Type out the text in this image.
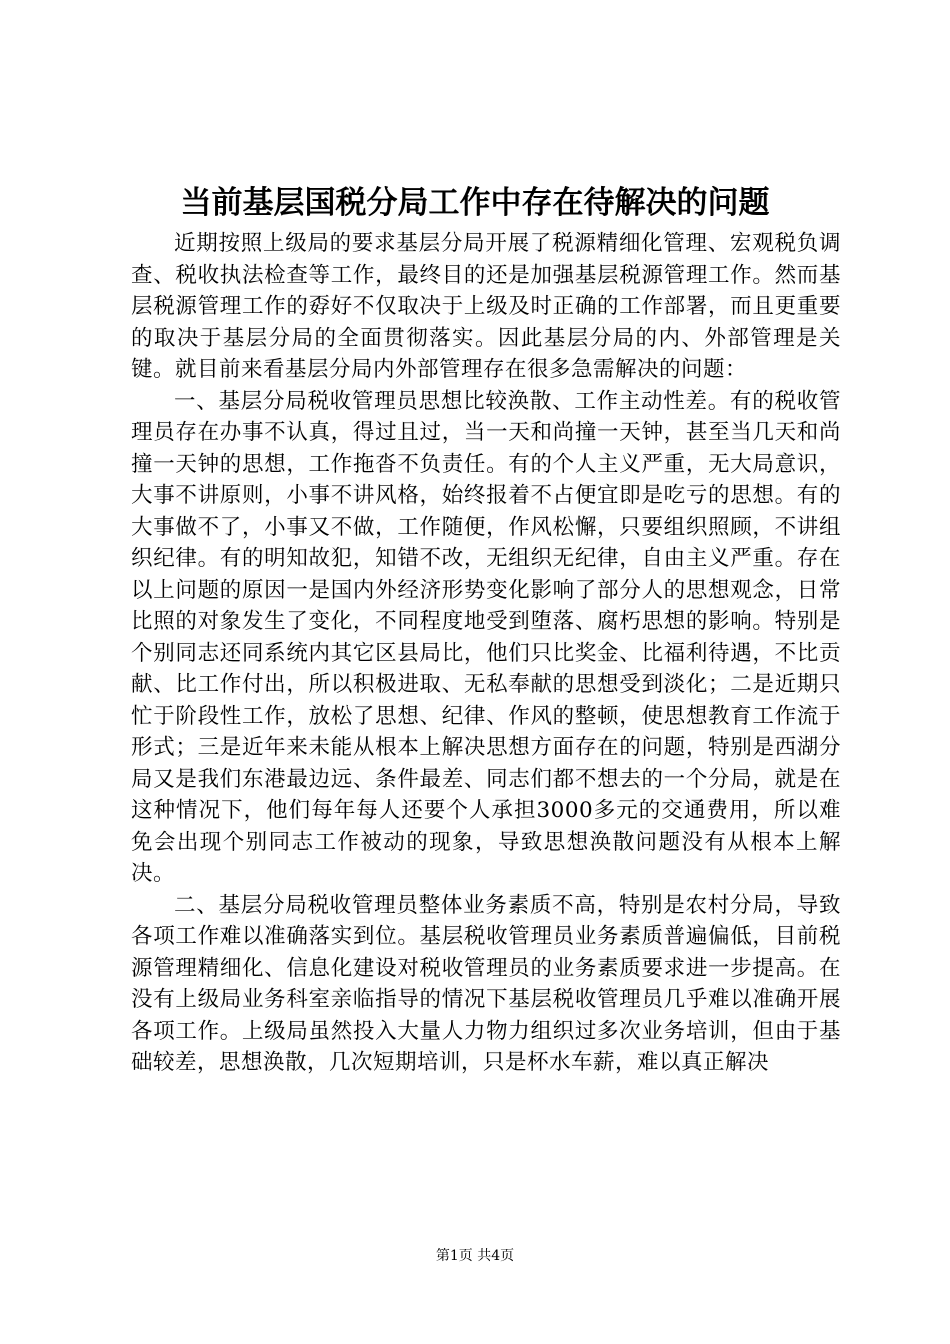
当前基层国税分局工作中存在待解决的问题

近期按照上级局的要求基层分局开展了税源精细化管理、宏观税负调查、税收执法检查等工作，最终目的还是加强基层税源管理工作。然而基层税源管理工作的孬好不仅取决于上级及时正确的工作部署，而且更重要的取决于基层分局的全面贯彻落实。因此基层分局的内、外部管理是关键。就目前来看基层分局内外部管理存在很多急需解决的问题：

一、基层分局税收管理员思想比较涣散、工作主动性差。有的税收管理员存在办事不认真，得过且过，当一天和尚撞一天钟，甚至当几天和尚撞一天钟的思想，工作拖沓不负责任。有的个人主义严重，无大局意识，大事不讲原则，小事不讲风格，始终报着不占便宜即是吃亏的思想。有的大事做不了，小事又不做，工作随便，作风松懈，只要组织照顾，不讲组织纪律。有的明知故犯，知错不改，无组织无纪律，自由主义严重。存在以上问题的原因一是国内外经济形势变化影响了部分人的思想观念，日常比照的对象发生了变化，不同程度地受到堕落、腐朽思想的影响。特别是个别同志还同系统内其它区县局比，他们只比奖金、比福利待遇，不比贡献、比工作付出，所以积极进取、无私奉献的思想受到淡化；二是近期只忙于阶段性工作，放松了思想、纪律、作风的整顿，使思想教育工作流于形式；三是近年来未能从根本上解决思想方面存在的问题，特别是西湖分局又是我们东港最边远、条件最差、同志们都不想去的一个分局，就是在这种情况下，他们每年每人还要个人承担3000多元的交通费用，所以难免会出现个别同志工作被动的现象，导致思想涣散问题没有从根本上解决。

二、基层分局税收管理员整体业务素质不高，特别是农村分局，导致各项工作难以准确落实到位。基层税收管理员业务素质普遍偏低，目前税源管理精细化、信息化建设对税收管理员的业务素质要求进一步提高。在没有上级局业务科室亲临指导的情况下基层税收管理员几乎难以准确开展各项工作。上级局虽然投入大量人力物力组织过多次业务培训，但由于基础较差，思想涣散，几次短期培训，只是杯水车薪，难以真正解决

第1页 共4页
